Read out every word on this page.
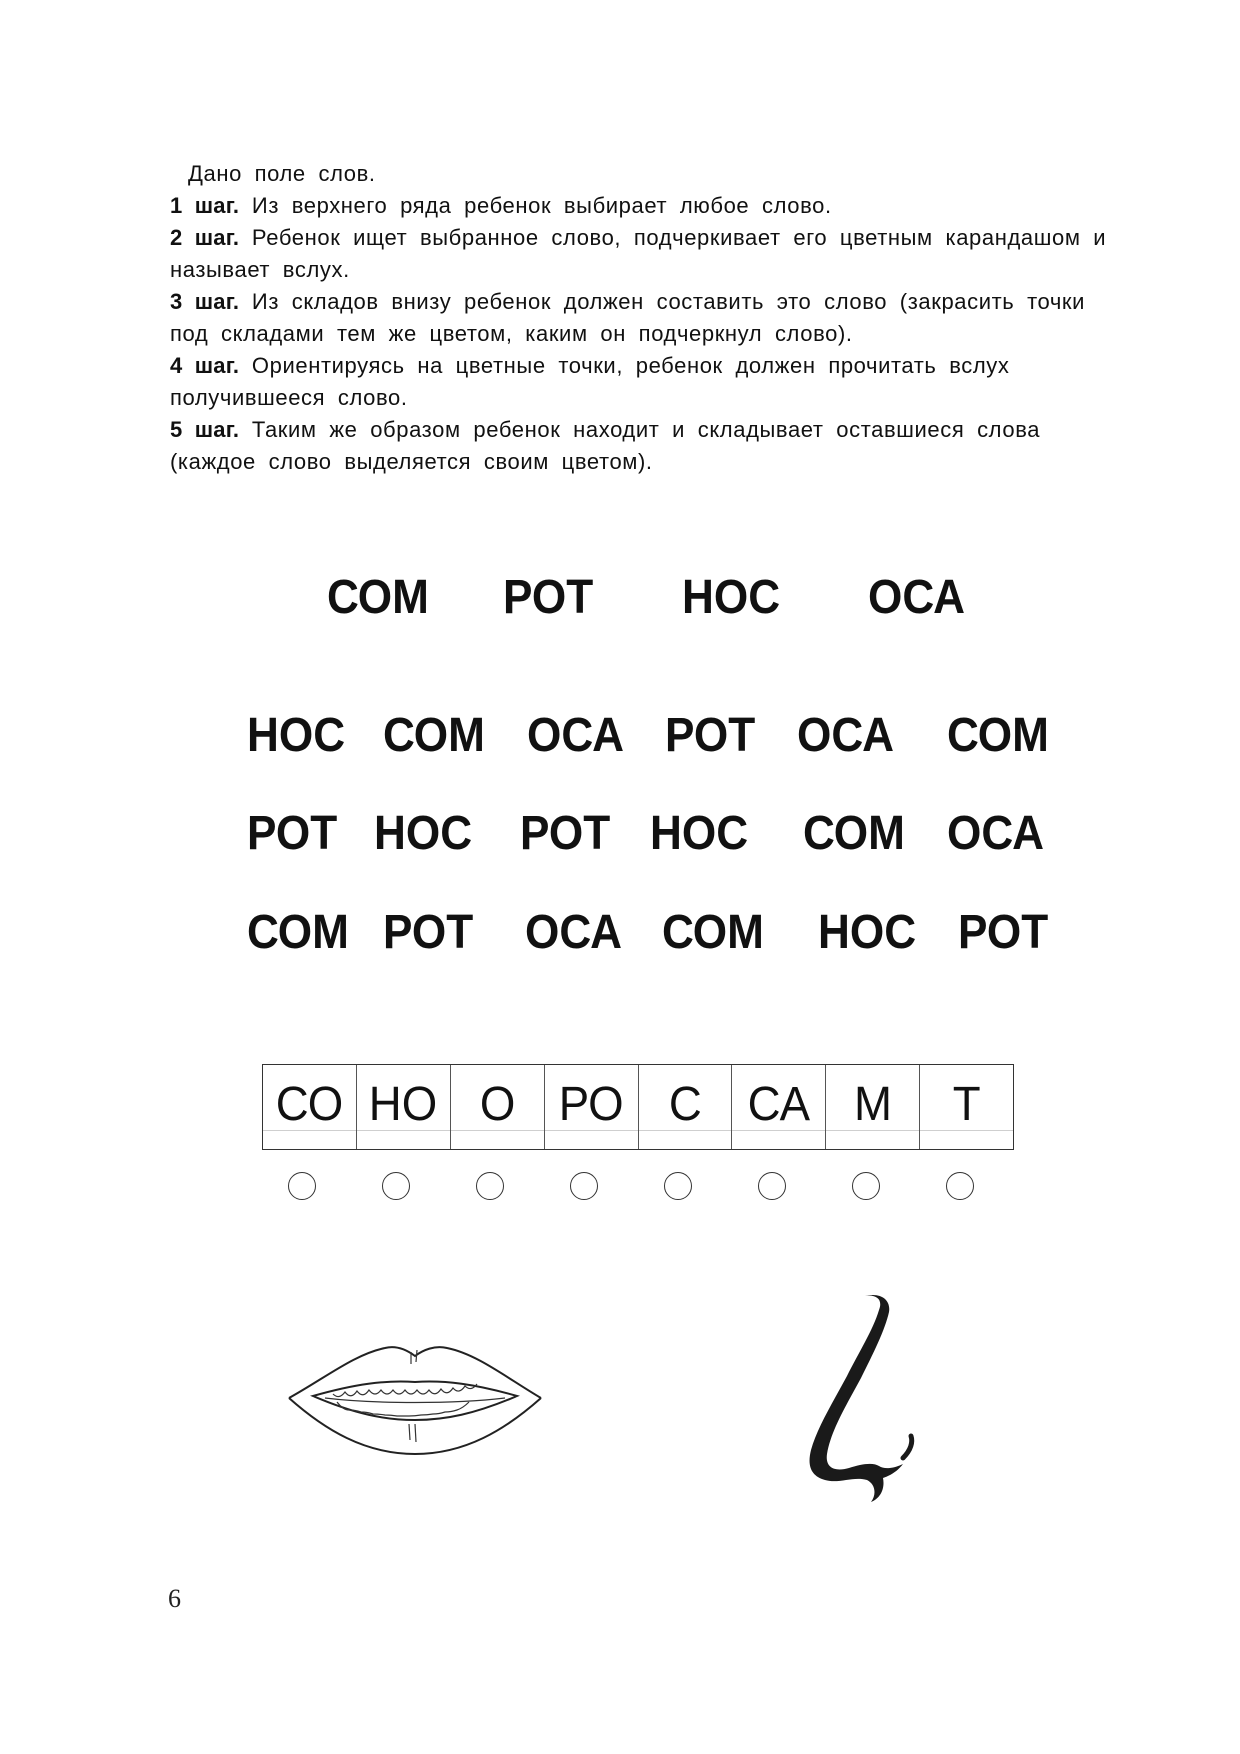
Дано поле слов.

1 шаг. Из верхнего ряда ребенок выбирает любое слово.

2 шаг. Ребенок ищет выбранное слово, подчеркивает его цветным карандашом и называет вслух.

3 шаг. Из складов внизу ребенок должен составить это слово (закрасить точки под складами тем же цветом, каким он подчеркнул слово).

4 шаг. Ориентируясь на цветные точки, ребенок должен прочитать вслух получившееся слово.

5 шаг. Таким же образом ребенок находит и складывает оставшиеся слова (каждое слово выделяется своим цветом).

СОМ РОТ НОС ОСА
НОС СОМ ОСА РОТ ОСА СОМ
РОТ НОС РОТ НОС СОМ ОСА
СОМ РОТ ОСА СОМ НОС РОТ
СО НО О РО С СА М Т
6
